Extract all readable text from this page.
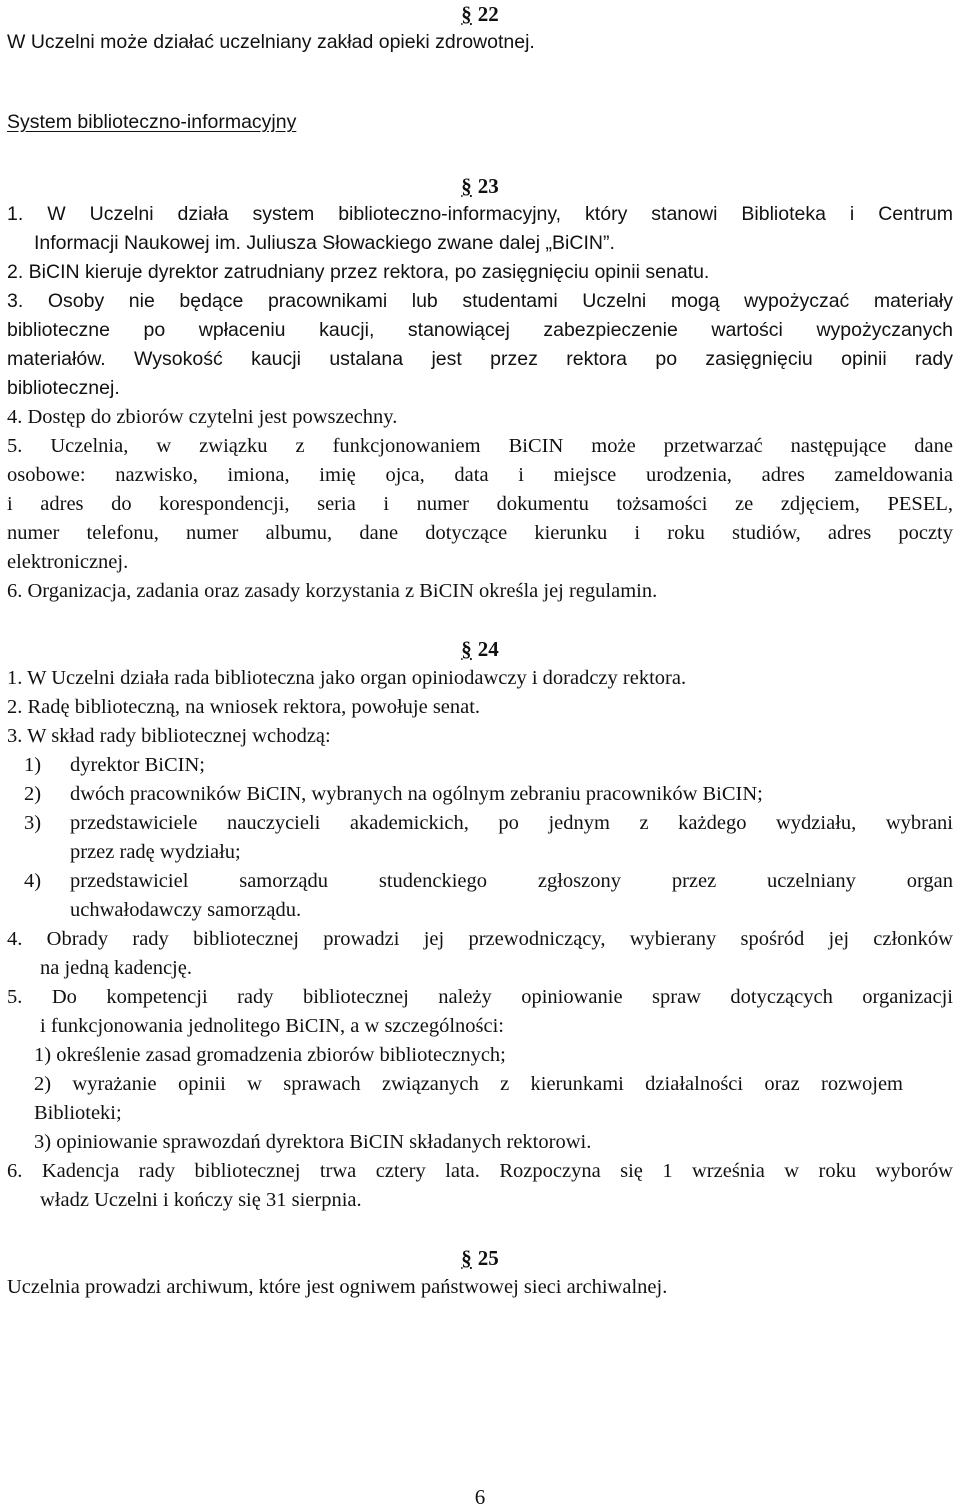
§ 22
W Uczelni może działać uczelniany zakład opieki zdrowotnej.
System biblioteczno-informacyjny
§ 23
1. W Uczelni działa system biblioteczno-informacyjny, który stanowi Biblioteka i Centrum
Informacji Naukowej im. Juliusza Słowackiego zwane dalej „BiCIN”.
2. BiCIN kieruje dyrektor zatrudniany przez rektora, po zasięgnięciu opinii senatu.
3. Osoby nie będące pracownikami lub studentami Uczelni mogą wypożyczać materiały
biblioteczne po wpłaceniu kaucji, stanowiącej zabezpieczenie wartości wypożyczanych
materiałów. Wysokość kaucji ustalana jest przez rektora po zasięgnięciu opinii rady
bibliotecznej.
4. Dostęp do zbiorów czytelni jest powszechny.
5. Uczelnia, w związku z funkcjonowaniem BiCIN może przetwarzać następujące dane
osobowe: nazwisko, imiona, imię ojca, data i miejsce urodzenia, adres zameldowania
i adres do korespondencji, seria i numer dokumentu tożsamości ze zdjęciem, PESEL,
numer telefonu, numer albumu, dane dotyczące kierunku i roku studiów, adres poczty
elektronicznej.
6. Organizacja, zadania oraz zasady korzystania z BiCIN określa jej regulamin.
§ 24
1. W Uczelni działa rada biblioteczna jako organ opiniodawczy i doradczy rektora.
2. Radę biblioteczną, na wniosek rektora, powołuje senat.
3. W skład rady bibliotecznej wchodzą:
1) dyrektor BiCIN;
2) dwóch pracowników BiCIN, wybranych na ogólnym zebraniu pracowników BiCIN;
3)	przedstawiciele nauczycieli akademickich, po jednym z każdego wydziału, wybrani
przez radę wydziału;
4)	przedstawiciel samorządu studenckiego zgłoszony przez uczelniany organ
uchwałodawczy samorządu.
4. Obrady rady bibliotecznej prowadzi jej przewodniczący, wybierany spośród jej członków
na jedną kadencję.
5. Do kompetencji rady bibliotecznej należy opiniowanie spraw dotyczących organizacji
i funkcjonowania jednolitego BiCIN, a w szczególności:
1) określenie zasad gromadzenia zbiorów bibliotecznych;
2) wyrażanie opinii w sprawach związanych z kierunkami działalności oraz rozwojem
Biblioteki;
3) opiniowanie sprawozdań dyrektora BiCIN składanych rektorowi.
6. Kadencja rady bibliotecznej trwa cztery lata. Rozpoczyna się 1 września w roku wyborów
władz Uczelni i kończy się 31 sierpnia.
§ 25
Uczelnia prowadzi archiwum, które jest ogniwem państwowej sieci archiwalnej.
6
